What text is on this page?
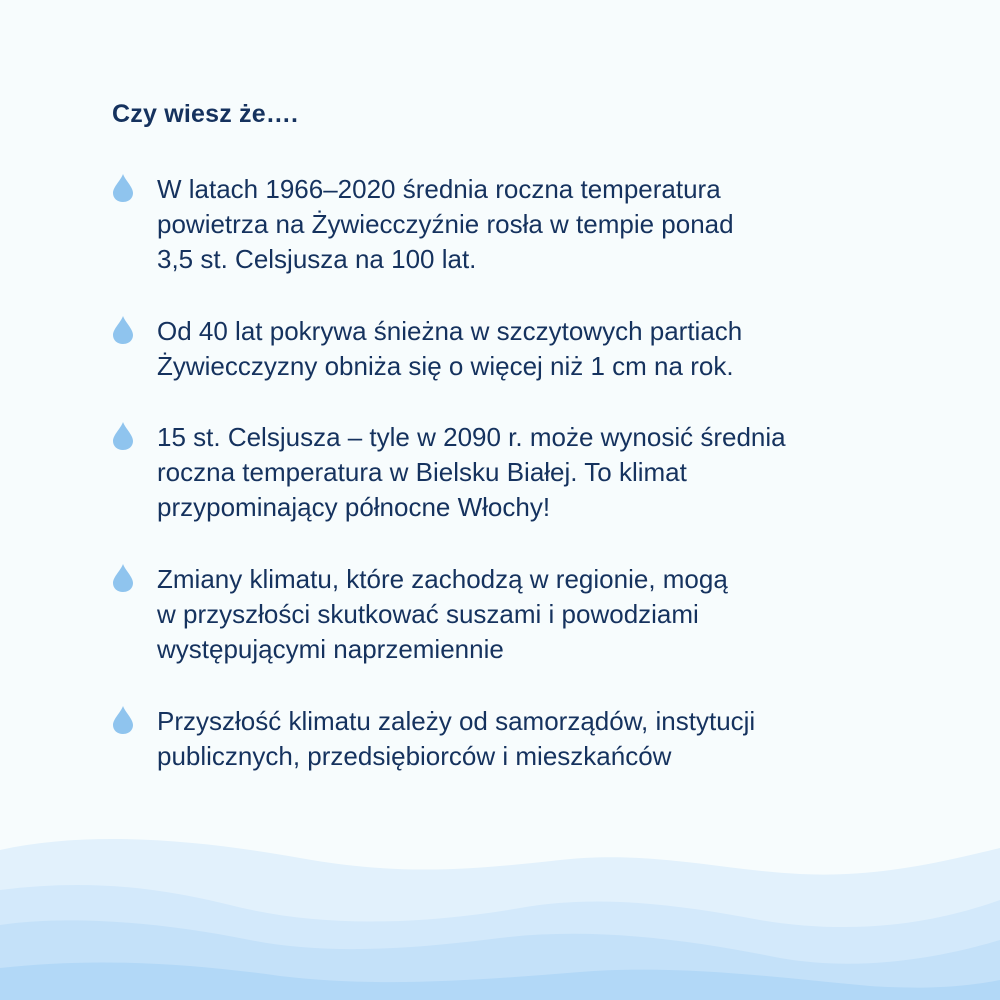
Czy wiesz że….
W latach 1966–2020 średnia roczna temperatura
powietrza na Żywiecczyźnie rosła w tempie ponad
3,5 st. Celsjusza na 100 lat.
Od 40 lat pokrywa śnieżna w szczytowych partiach
Żywiecczyzny obniża się o więcej niż 1 cm na rok.
15 st. Celsjusza – tyle w 2090 r. może wynosić średnia
roczna temperatura w Bielsku Białej. To klimat
przypominający północne Włochy!
Zmiany klimatu, które zachodzą w regionie, mogą
w przyszłości skutkować suszami i powodziami
występującymi naprzemiennie
Przyszłość klimatu zależy od samorządów, instytucji
publicznych, przedsiębiorców i mieszkańców
